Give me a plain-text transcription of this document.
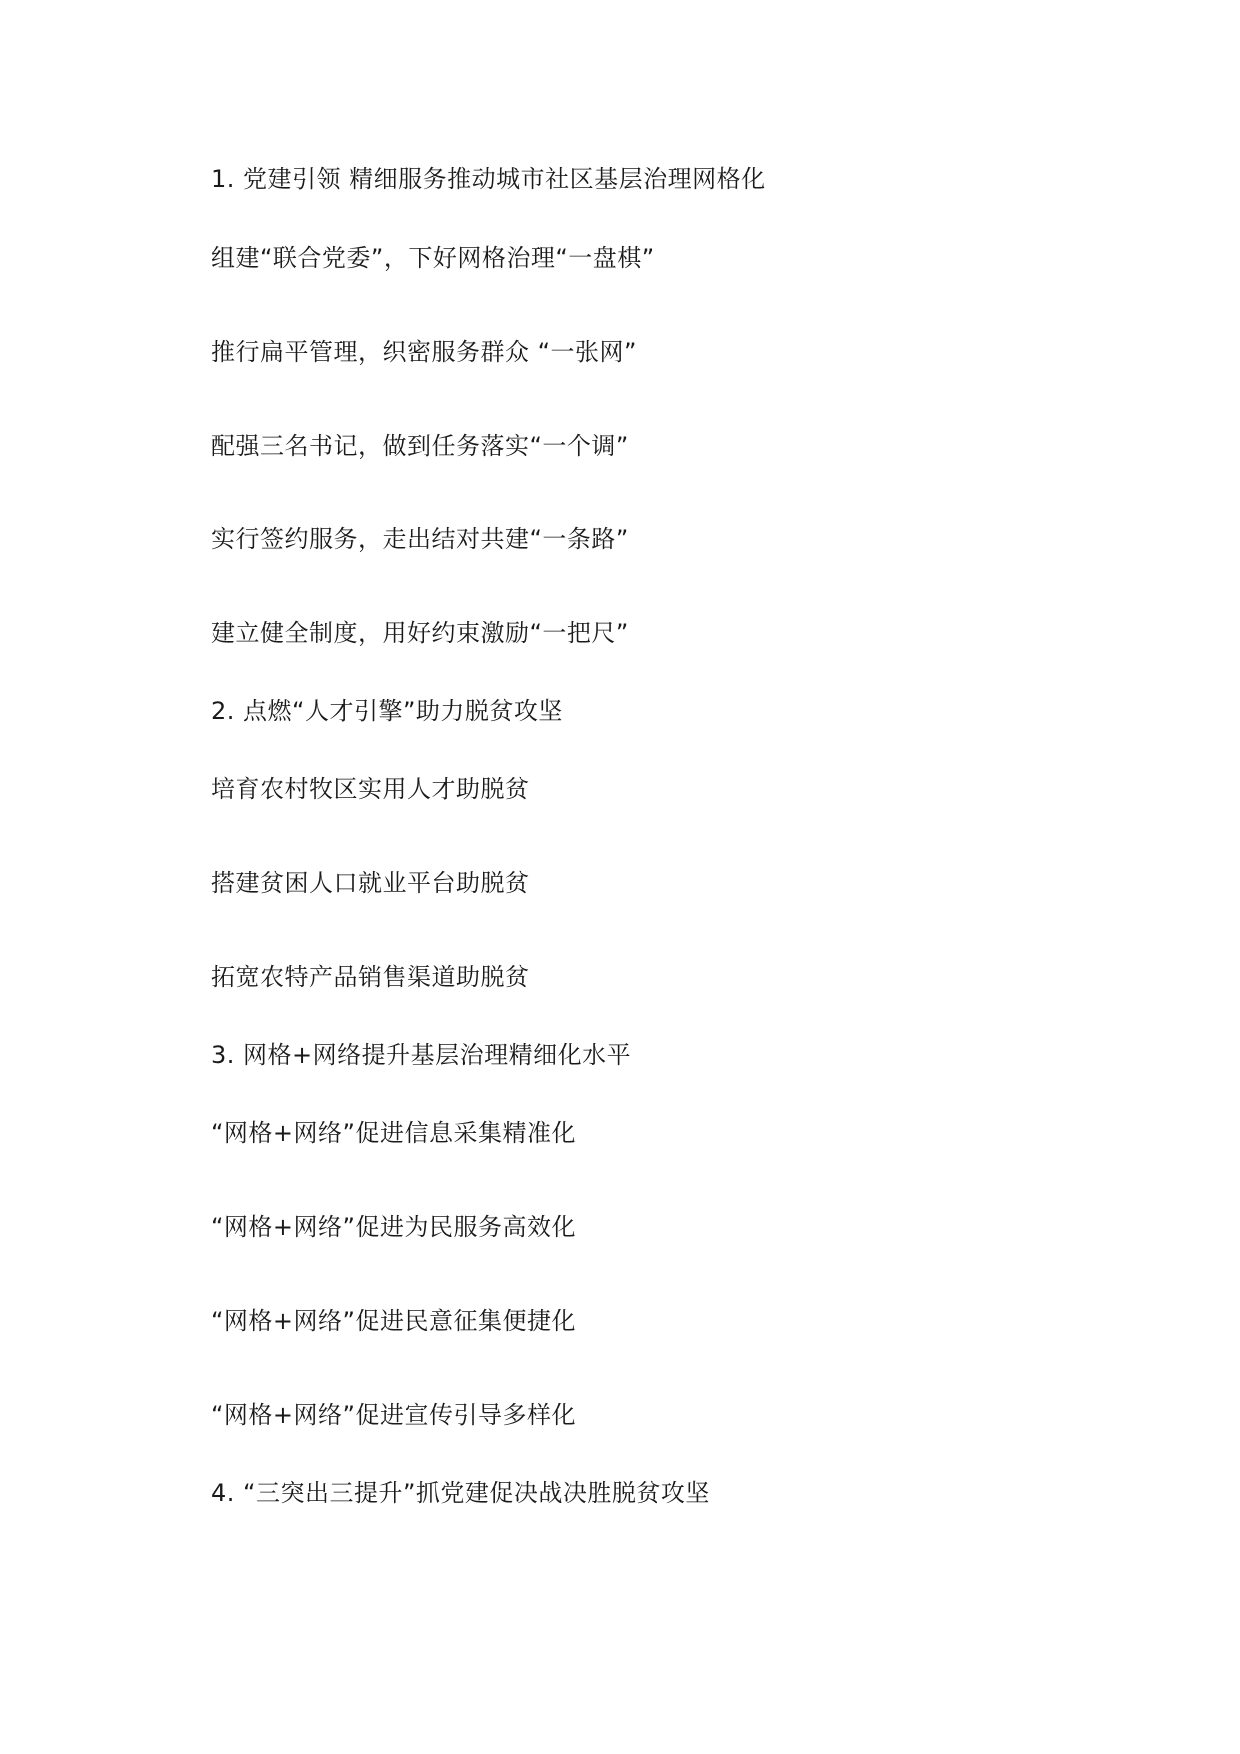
1. 党建引领 精细服务推动城市社区基层治理网格化
组建“联合党委”，下好网格治理“一盘棋”
推行扁平管理，织密服务群众 “一张网”
配强三名书记，做到任务落实“一个调”
实行签约服务，走出结对共建“一条路”
建立健全制度，用好约束激励“一把尺”
2. 点燃“人才引擎”助力脱贫攻坚
培育农村牧区实用人才助脱贫
搭建贫困人口就业平台助脱贫
拓宽农特产品销售渠道助脱贫
3. 网格+网络提升基层治理精细化水平
“网格+网络”促进信息采集精准化
“网格+网络”促进为民服务高效化
“网格+网络”促进民意征集便捷化
“网格+网络”促进宣传引导多样化
4. “三突出三提升”抓党建促决战决胜脱贫攻坚
